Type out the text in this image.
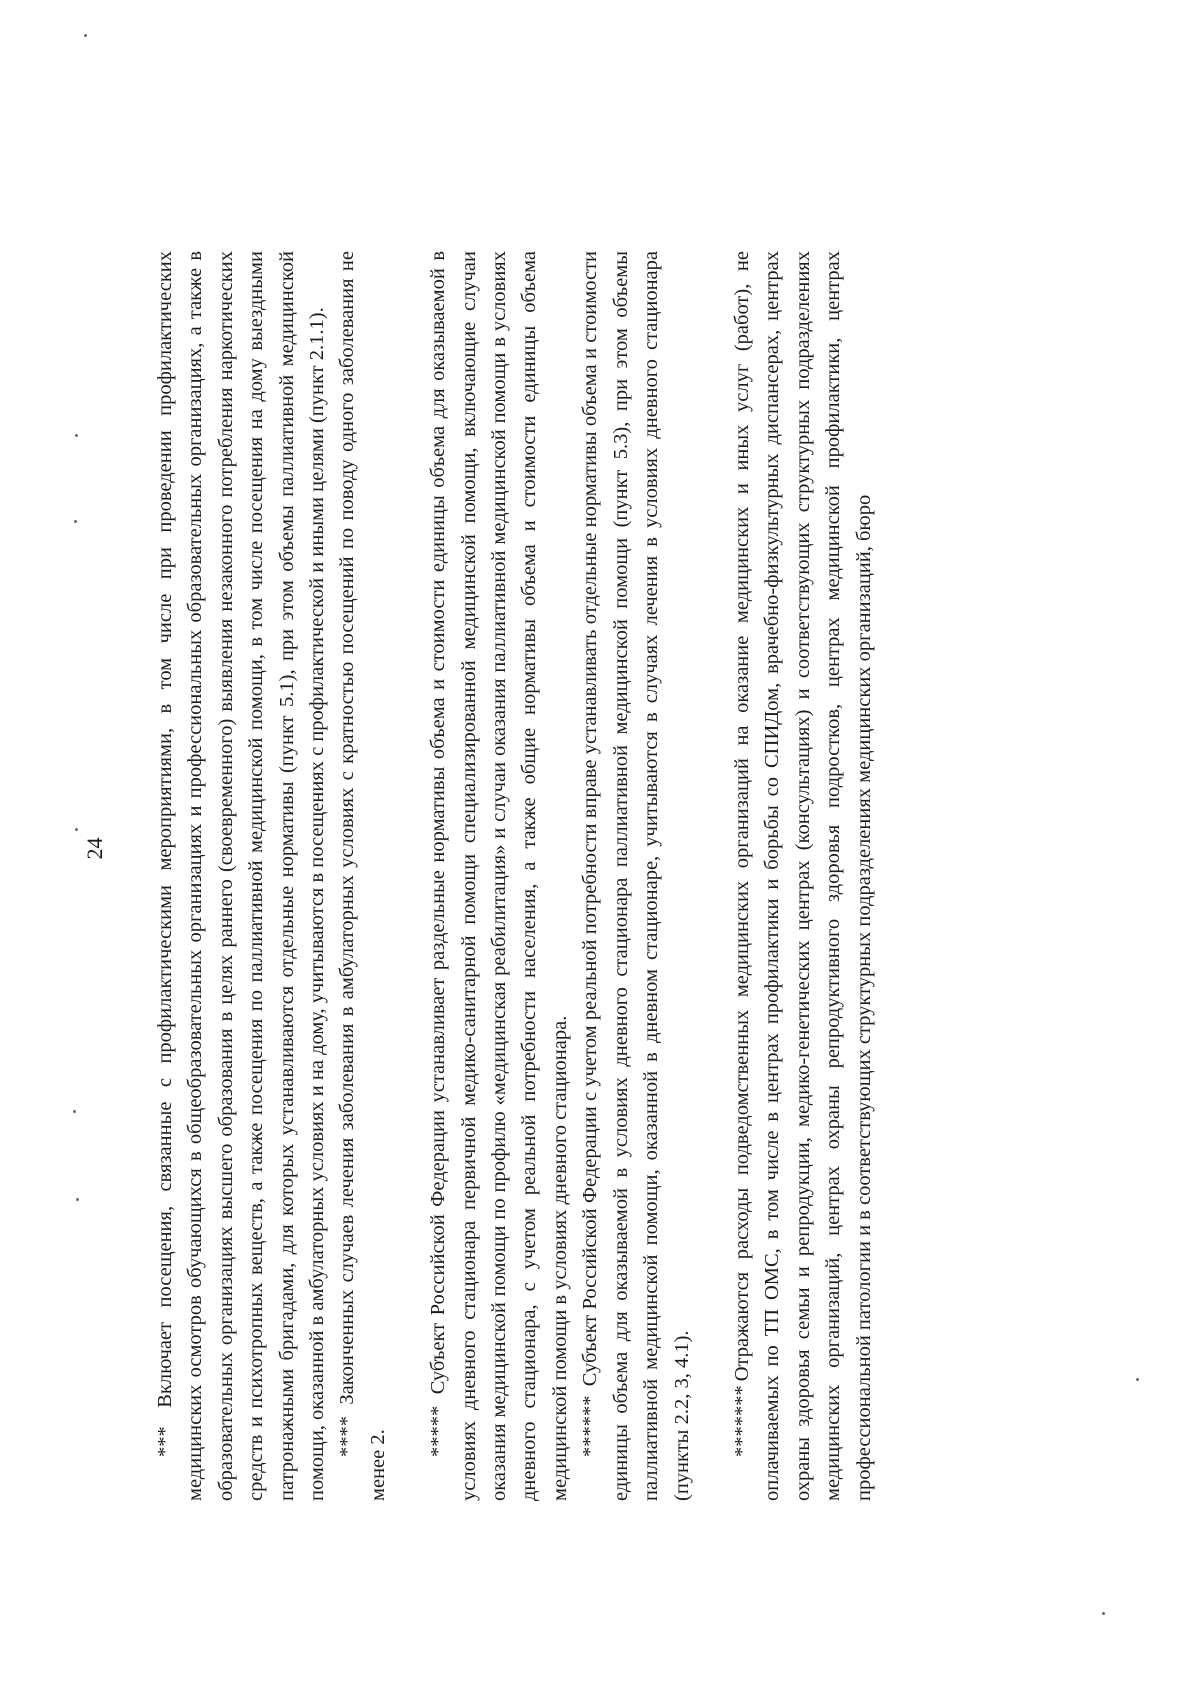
24

*** Включает посещения, связанные с профилактическими мероприятиями, в том числе при проведении профилактических медицинских осмотров обучающихся в общеобразовательных организациях и профессиональных образовательных организациях, а также в образовательных организациях высшего образования в целях раннего (своевременного) выявления незаконного потребления наркотических средств и психотропных веществ, а также посещения по паллиативной медицинской помощи, в том числе посещения на дому выездными патронажными бригадами, для которых устанавливаются отдельные нормативы (пункт 5.1), при этом объемы паллиативной медицинской помощи, оказанной в амбулаторных условиях и на дому, учитываются в посещениях с профилактической и иными целями (пункт 2.1.1). **** Законченных случаев лечения заболевания в амбулаторных условиях с кратностью посещений по поводу одного заболевания не менее 2. ***** Субъект Российской Федерации устанавливает раздельные нормативы объема и стоимости единицы объема для оказываемой в условиях дневного стационара первичной медико-санитарной помощи специализированной медицинской помощи, включающие случаи оказания медицинской помощи по профилю «медицинская реабилитация» и случаи оказания паллиативной медицинской помощи в условиях дневного стационара, с учетом реальной потребности населения, а также общие нормативы объема и стоимости единицы объема медицинской помощи в условиях дневного стационара. ****** Субъект Российской Федерации с учетом реальной потребности вправе устанавливать отдельные нормативы объема и стоимости единицы объема для оказываемой в условиях дневного стационара паллиативной медицинской помощи (пункт 5.3), при этом объемы паллиативной медицинской помощи, оказанной в дневном стационаре, учитываются в случаях лечения в условиях дневного стационара (пункты 2.2, 3, 4.1). *******Отражаются расходы подведомственных медицинских организаций на оказание медицинских и иных услуг (работ), не оплачиваемых по ТП ОМС, в том числе в центрах профилактики и борьбы со СПИДом, врачебно-физкультурных диспансерах, центрах охраны здоровья семьи и репродукции, медико-генетических центрах (консультациях) и соответствующих структурных подразделениях медицинских организаций, центрах охраны репродуктивного здоровья подростков, центрах медицинской профилактики, центрах профессиональной патологии и в соответствующих структурных подразделениях медицинских организаций, бюро
